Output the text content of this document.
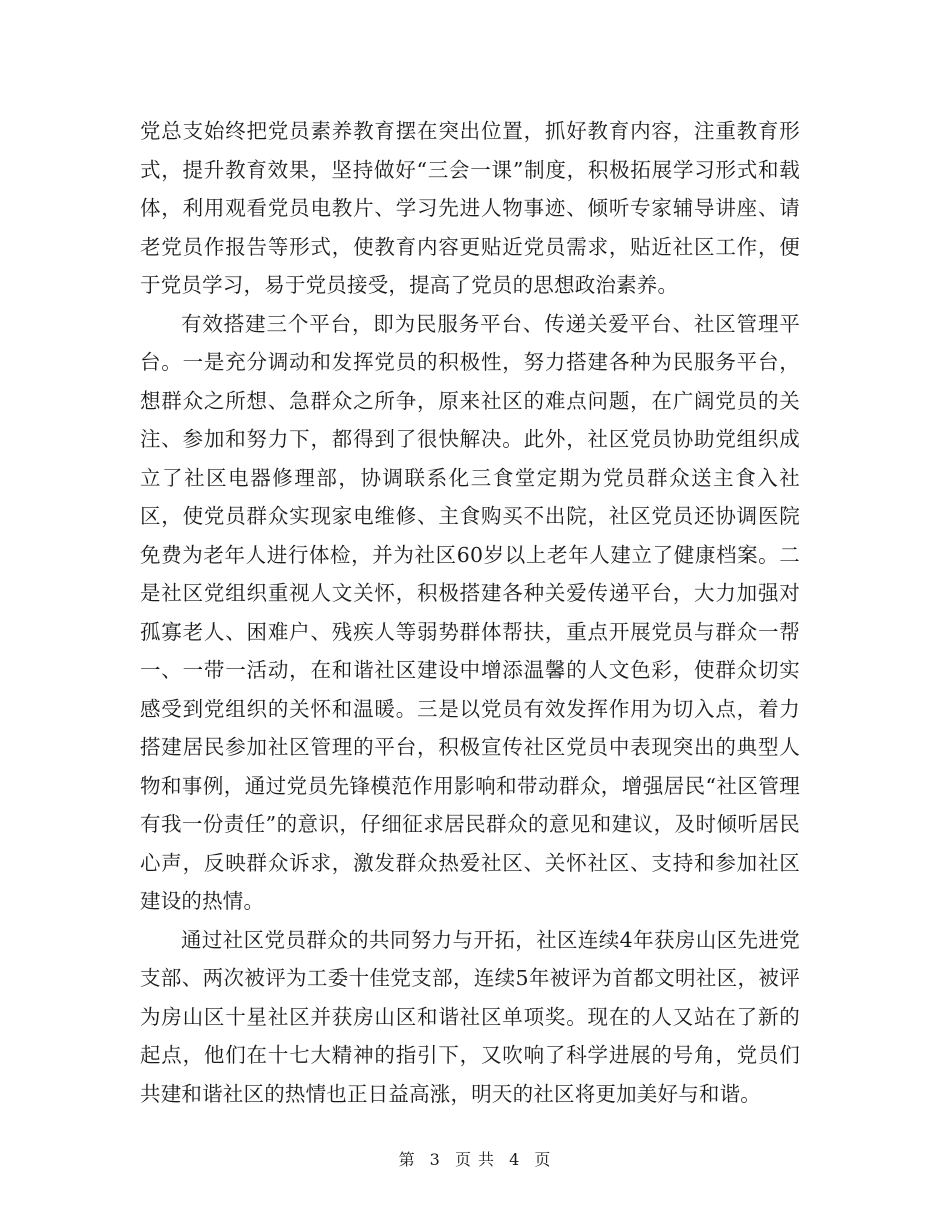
党总支始终把党员素养教育摆在突出位置，抓好教育内容，注重教育形式，提升教育效果，坚持做好“三会一课”制度，积极拓展学习形式和载体，利用观看党员电教片、学习先进人物事迹、倾听专家辅导讲座、请老党员作报告等形式，使教育内容更贴近党员需求，贴近社区工作，便于党员学习，易于党员接受，提高了党员的思想政治素养。

有效搭建三个平台，即为民服务平台、传递关爱平台、社区管理平台。一是充分调动和发挥党员的积极性，努力搭建各种为民服务平台，想群众之所想、急群众之所争，原来社区的难点问题，在广阔党员的关注、参加和努力下，都得到了很快解决。此外，社区党员协助党组织成立了社区电器修理部，协调联系化三食堂定期为党员群众送主食入社区，使党员群众实现家电维修、主食购买不出院，社区党员还协调医院免费为老年人进行体检，并为社区60岁以上老年人建立了健康档案。二是社区党组织重视人文关怀，积极搭建各种关爱传递平台，大力加强对孤寡老人、困难户、残疾人等弱势群体帮扶，重点开展党员与群众一帮一、一带一活动，在和谐社区建设中增添温馨的人文色彩，使群众切实感受到党组织的关怀和温暖。三是以党员有效发挥作用为切入点，着力搭建居民参加社区管理的平台，积极宣传社区党员中表现突出的典型人物和事例，通过党员先锋模范作用影响和带动群众，增强居民“社区管理有我一份责任”的意识，仔细征求居民群众的意见和建议，及时倾听居民心声，反映群众诉求，激发群众热爱社区、关怀社区、支持和参加社区建设的热情。

通过社区党员群众的共同努力与开拓，社区连续4年获房山区先进党支部、两次被评为工委十佳党支部，连续5年被评为首都文明社区，被评为房山区十星社区并获房山区和谐社区单项奖。现在的人又站在了新的起点，他们在十七大精神的指引下，又吹响了科学进展的号角，党员们共建和谐社区的热情也正日益高涨，明天的社区将更加美好与和谐。

第 3 页 共 4 页
